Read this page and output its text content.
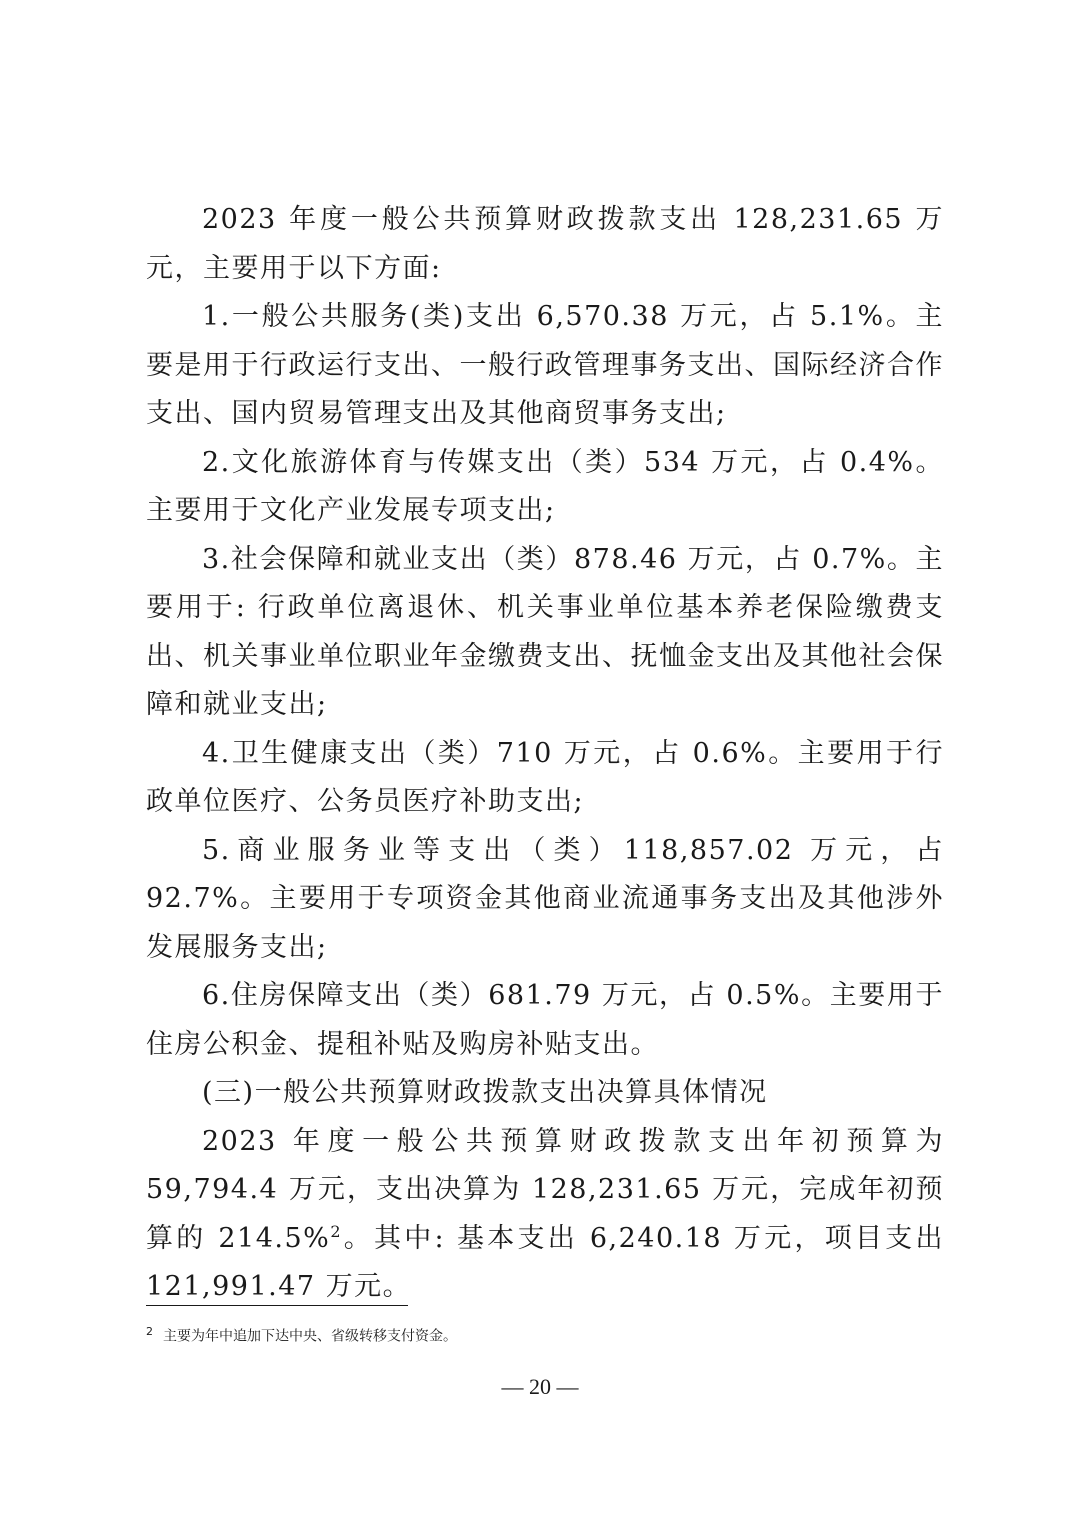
2023 年度一般公共预算财政拨款支出 128,231.65 万元，主要用于以下方面:

1.一般公共服务(类)支出 6,570.38 万元，占 5.1%。主要是用于行政运行支出、一般行政管理事务支出、国际经济合作支出、国内贸易管理支出及其他商贸事务支出;

2.文化旅游体育与传媒支出（类）534 万元，占 0.4%。主要用于文化产业发展专项支出;

3.社会保障和就业支出（类）878.46 万元，占 0.7%。主要用于: 行政单位离退休、机关事业单位基本养老保险缴费支出、机关事业单位职业年金缴费支出、抚恤金支出及其他社会保障和就业支出;

4.卫生健康支出（类）710 万元，占 0.6%。主要用于行政单位医疗、公务员医疗补助支出;

5.商业服务业等支出（类）118,857.02 万元，占 92.7%。主要用于专项资金其他商业流通事务支出及其他涉外发展服务支出;

6.住房保障支出（类）681.79 万元，占 0.5%。主要用于住房公积金、提租补贴及购房补贴支出。

(三)一般公共预算财政拨款支出决算具体情况

2023 年度一般公共预算财政拨款支出年初预算为 59,794.4 万元，支出决算为 128,231.65 万元，完成年初预算的 214.5%$^2$。其中: 基本支出 6,240.18 万元，项目支出 121,991.47 万元。

$^2$ 主要为年中追加下达中央、省级转移支付资金。
— 20 —
